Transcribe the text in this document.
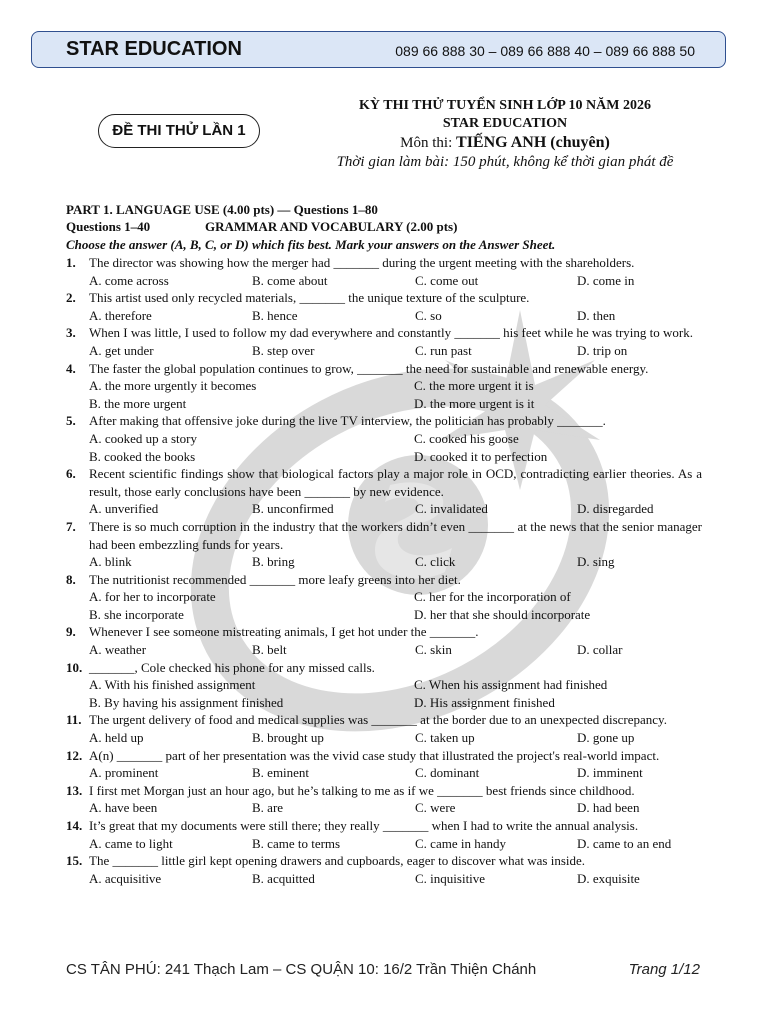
STAR EDUCATION	089 66 888 30 – 089 66 888 40 – 089 66 888 50
ĐỀ THI THỬ LẦN 1
KỲ THI THỬ TUYỂN SINH LỚP 10 NĂM 2026
STAR EDUCATION
Môn thi: TIẾNG ANH (chuyên)
Thời gian làm bài: 150 phút, không kể thời gian phát đề
PART 1. LANGUAGE USE (4.00 pts) — Questions 1–80
Questions 1–40	GRAMMAR AND VOCABULARY (2.00 pts)
Choose the answer (A, B, C, or D) which fits best. Mark your answers on the Answer Sheet.
1.	The director was showing how the merger had _______ during the urgent meeting with the shareholders.
A. come across	B. come about	C. come out	D. come in
2.	This artist used only recycled materials, _______ the unique texture of the sculpture.
A. therefore	B. hence	C. so	D. then
3.	When I was little, I used to follow my dad everywhere and constantly _______ his feet while he was trying to work.
A. get under	B. step over	C. run past	D. trip on
4.	The faster the global population continues to grow, _______ the need for sustainable and renewable energy.
A. the more urgently it becomes	C. the more urgent it is
B. the more urgent	D. the more urgent is it
5.	After making that offensive joke during the live TV interview, the politician has probably _______.
A. cooked up a story	C. cooked his goose
B. cooked the books	D. cooked it to perfection
6.	Recent scientific findings show that biological factors play a major role in OCD, contradicting earlier theories. As a result, those early conclusions have been _______ by new evidence.
A. unverified	B. unconfirmed	C. invalidated	D. disregarded
7.	There is so much corruption in the industry that the workers didn’t even _______ at the news that the senior manager had been embezzling funds for years.
A. blink	B. bring	C. click	D. sing
8.	The nutritionist recommended _______ more leafy greens into her diet.
A. for her to incorporate	C. her for the incorporation of
B. she incorporate	D. her that she should incorporate
9.	Whenever I see someone mistreating animals, I get hot under the _______.
A. weather	B. belt	C. skin	D. collar
10. _______, Cole checked his phone for any missed calls.
A. With his finished assignment	C. When his assignment had finished
B. By having his assignment finished	D. His assignment finished
11. The urgent delivery of food and medical supplies was _______ at the border due to an unexpected discrepancy.
A. held up	B. brought up	C. taken up	D. gone up
12. A(n) _______ part of her presentation was the vivid case study that illustrated the project's real-world impact.
A. prominent	B. eminent	C. dominant	D. imminent
13. I first met Morgan just an hour ago, but he’s talking to me as if we _______ best friends since childhood.
A. have been	B. are	C. were	D. had been
14. It’s great that my documents were still there; they really _______ when I had to write the annual analysis.
A. came to light	B. came to terms	C. came in handy	D. came to an end
15. The _______ little girl kept opening drawers and cupboards, eager to discover what was inside.
A. acquisitive	B. acquitted	C. inquisitive	D. exquisite
CS TÂN PHÚ: 241 Thạch Lam – CS QUẬN 10: 16/2 Trần Thiện Chánh	Trang 1/12
